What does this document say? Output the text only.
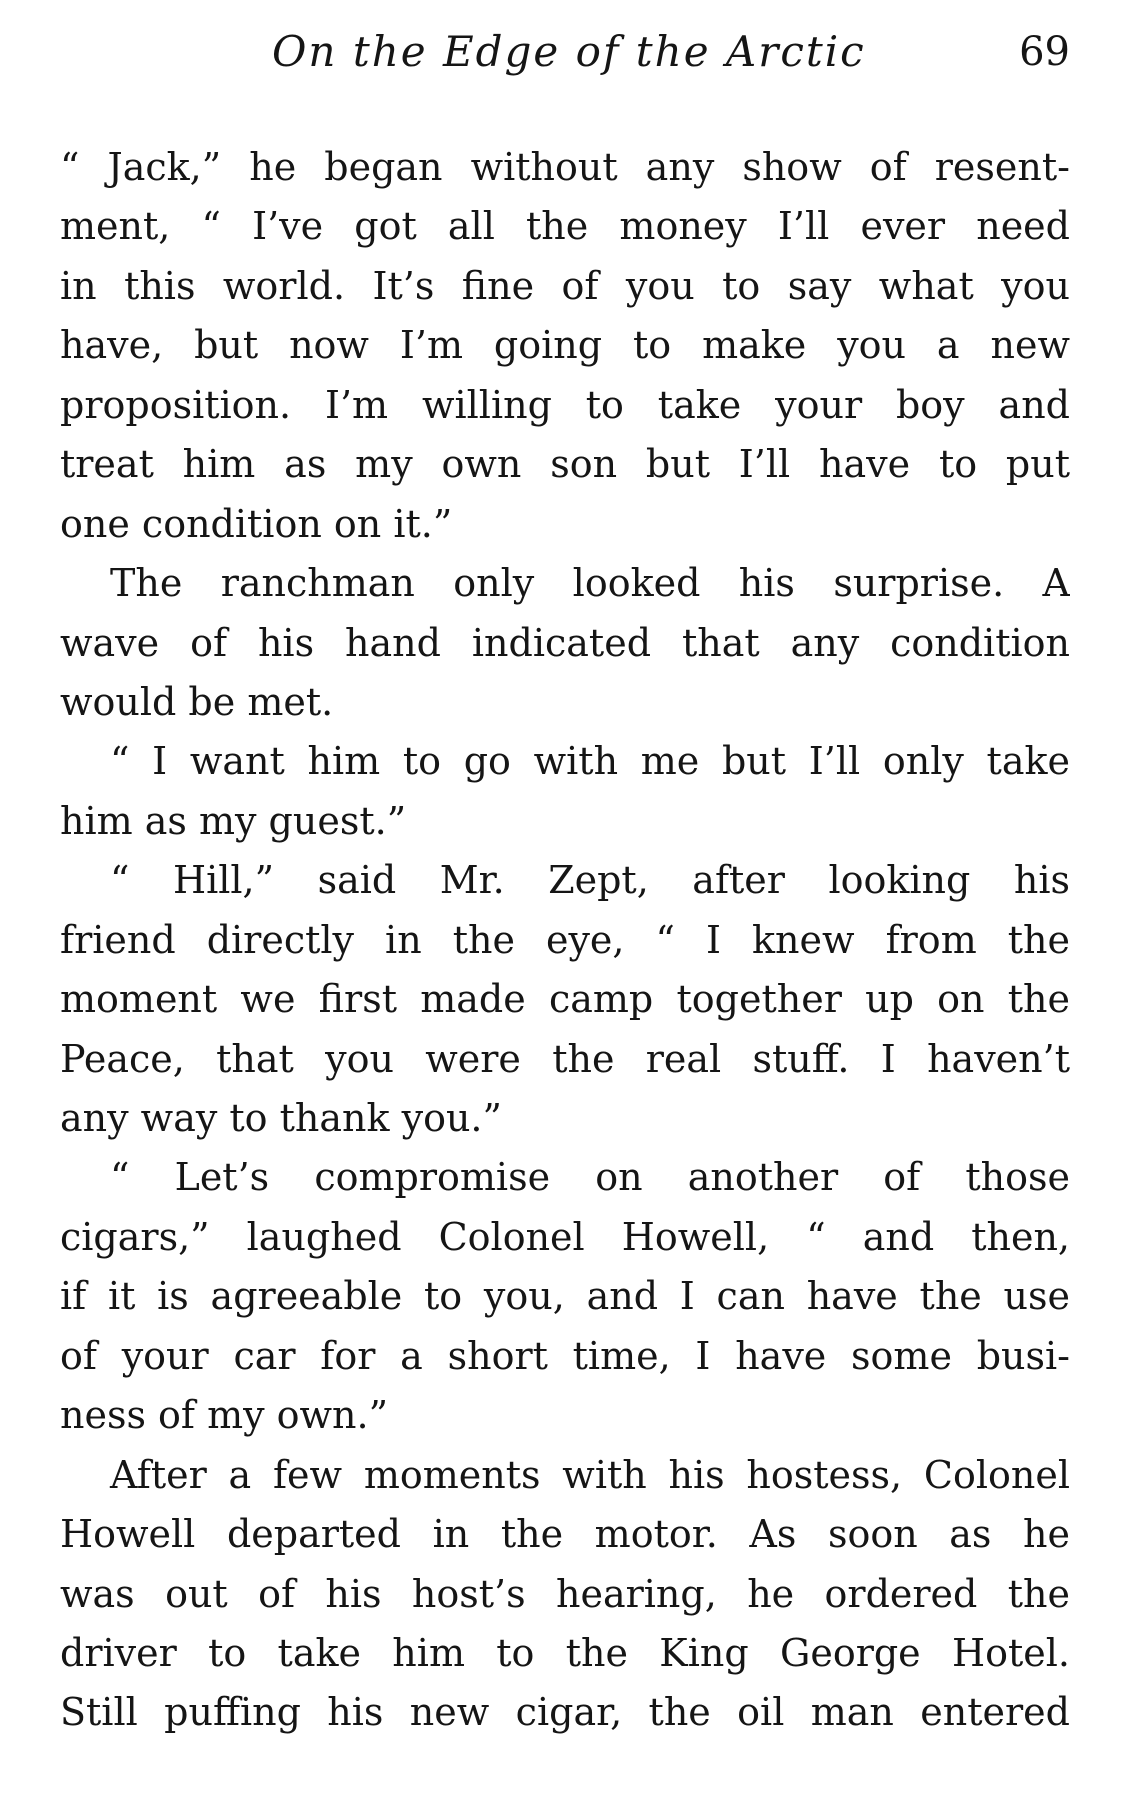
On the Edge of the Arctic	69
“ Jack,” he began without any show of resent-
ment, “ I’ve got all the money I’ll ever need
in this world. It’s fine of you to say what you
have, but now I’m going to make you a new
proposition. I’m willing to take your boy and
treat him as my own son but I’ll have to put
one condition on it.”
The ranchman only looked his surprise. A
wave of his hand indicated that any condition
would be met.
“ I want him to go with me but I’ll only take
him as my guest.”
“ Hill,” said Mr. Zept, after looking his
friend directly in the eye, “ I knew from the
moment we first made camp together up on the
Peace, that you were the real stuff. I haven’t
any way to thank you.”
“ Let’s compromise on another of those
cigars,” laughed Colonel Howell, “ and then,
if it is agreeable to you, and I can have the use
of your car for a short time, I have some busi-
ness of my own.”
After a few moments with his hostess, Colonel
Howell departed in the motor. As soon as he
was out of his host’s hearing, he ordered the
driver to take him to the King George Hotel.
Still puffing his new cigar, the oil man entered
